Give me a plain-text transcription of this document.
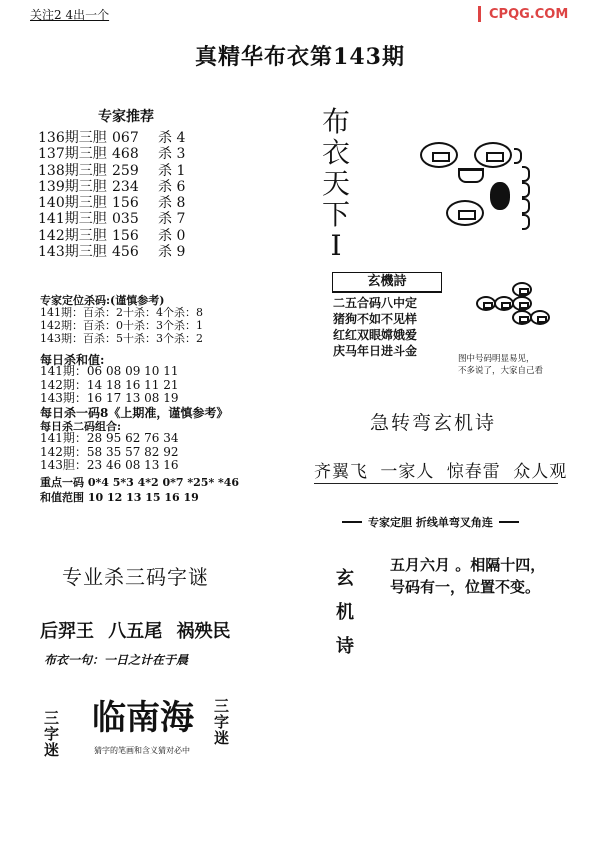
关注2 4出一个	CPQG.COM
真精华布衣第143期
专家推荐
136期三胆 067	杀 4
137期三胆 468	杀 3
138期三胆 259	杀 1
139期三胆 234	杀 6
140期三胆 156	杀 8
141期三胆 035	杀 7
142期三胆 156	杀 0
143期三胆 456	杀 9
专家定位杀码:(谨慎参考)
141期：百杀：2十杀：4个杀：8
142期：百杀：0十杀：3个杀：1
143期：百杀：5十杀：3个杀：2
每日杀和值:
141期：06 08 09 10 11
142期：14 18 16 11 21
143期：16 17 13 08 19
每日杀一码8《上期准，谨慎参考》
每日杀二码组合:
141期：28 95 62 76 34
142期：58 35 57 82 92
143胆：23 46 08 13 16
重点一码 0*4 5*3 4*2 0*7 *25* *46
和值范围 10 12 13 15 16 19
专业杀三码字谜
后羿王 八五尾 祸殃民
布衣一句：一日之计在于晨
三字迷
临南海 三字迷
猜字的笔画和含义猜对必中
布衣天下I
玄機詩
二五合码八中定
猪狗不如不见样
红红双眼嫦娥爱
庆马年日进斗金
图中号码明显易见，
不多说了，大家自己看
急转弯玄机诗
齐翼飞 一家人 惊春雷 众人观
专家定胆 折线单弯叉角连
玄机诗
五月六月 。相隔十四，
号码有一，位置不变。
